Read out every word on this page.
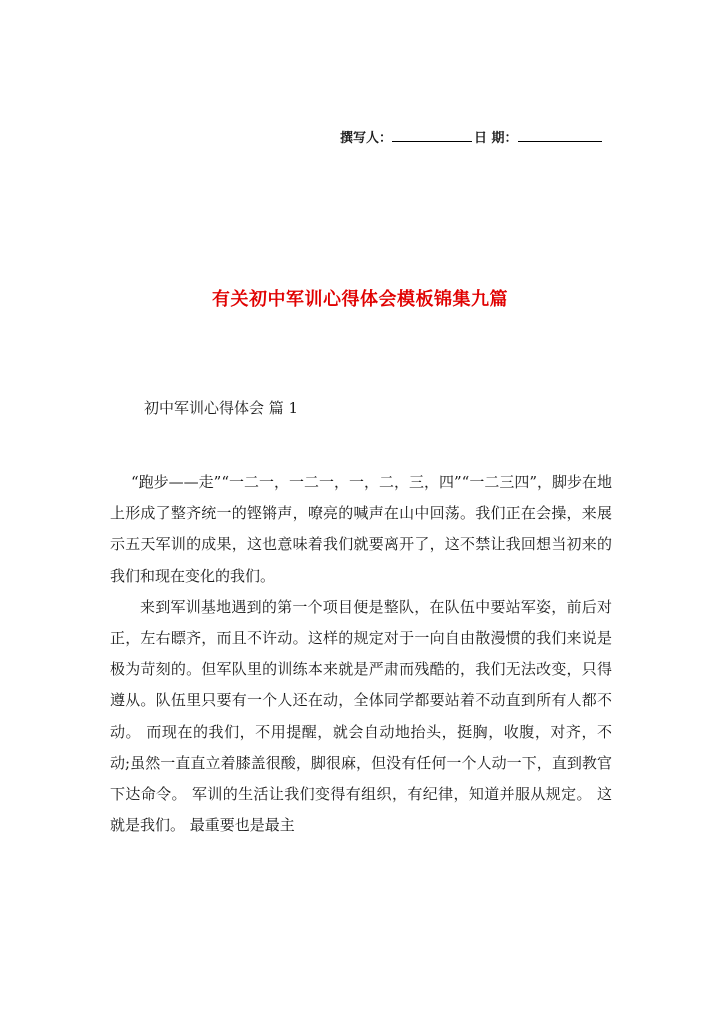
撰写人：	日 期：
有关初中军训心得体会模板锦集九篇
初中军训心得体会 篇 1

“跑步——走”“一二一，一二一，一，二，三，四”“一二三四”，脚步在地上形成了整齐统一的铿锵声，嘹亮的喊声在山中回荡。我们正在会操，来展示五天军训的成果，这也意味着我们就要离开了，这不禁让我回想当初来的我们和现在变化的我们。

来到军训基地遇到的第一个项目便是整队，在队伍中要站军姿，前后对正，左右瞟齐，而且不许动。这样的规定对于一向自由散漫惯的我们来说是极为苛刻的。但军队里的训练本来就是严肃而残酷的，我们无法改变，只得遵从。队伍里只要有一个人还在动，全体同学都要站着不动直到所有人都不动。 而现在的我们，不用提醒，就会自动地抬头，挺胸，收腹，对齐，不动;虽然一直直立着膝盖很酸，脚很麻，但没有任何一个人动一下，直到教官下达命令。 军训的生活让我们变得有组织，有纪律，知道并服从规定。 这就是我们。 最重要也是最主
